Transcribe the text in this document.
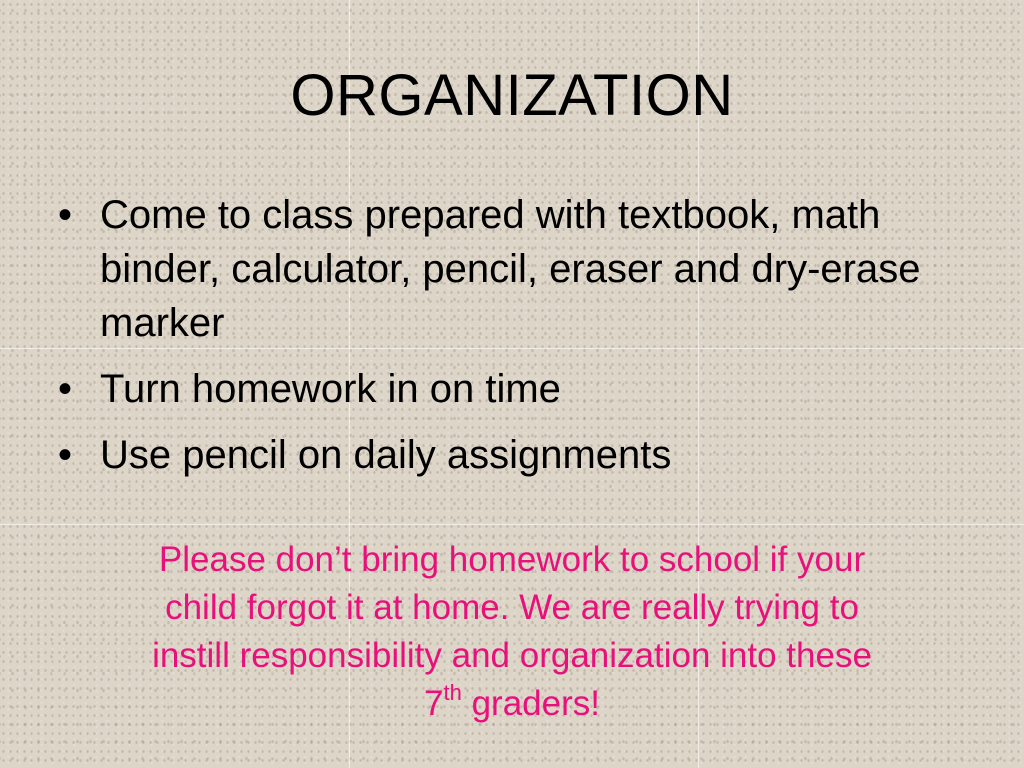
ORGANIZATION
• Come to class prepared with textbook, math binder, calculator, pencil, eraser and dry-erase marker
• Turn homework in on time
• Use pencil on daily assignments

Please don’t bring homework to school if your
child forgot it at home. We are really trying to
instill responsibility and organization into these
7th graders!
